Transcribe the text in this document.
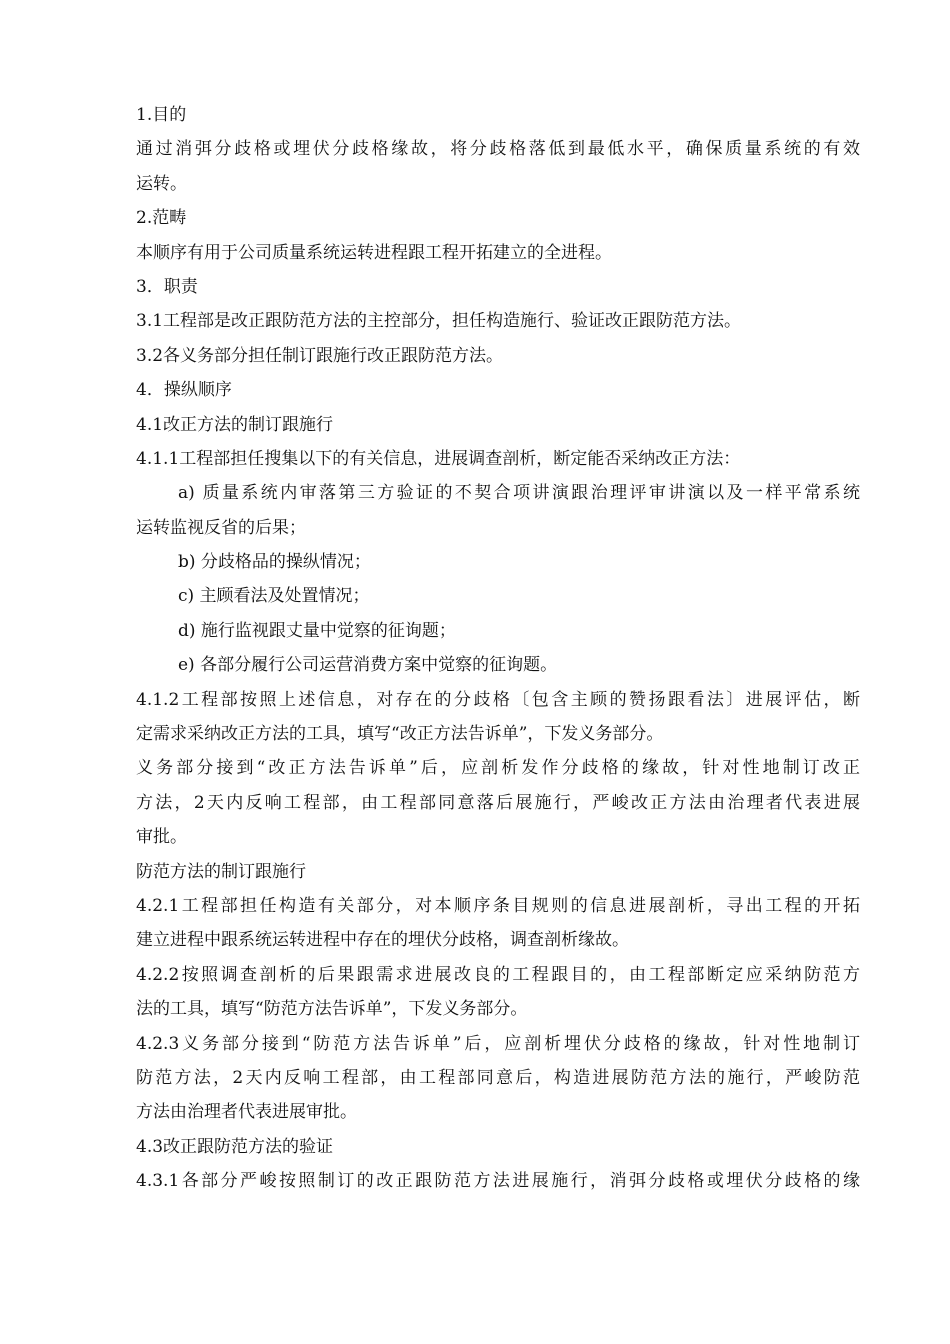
1.目的
通过消弭分歧格或埋伏分歧格缘故，将分歧格落低到最低水平，确保质量系统的有效
运转。
2.范畴
本顺序有用于公司质量系统运转进程跟工程开拓建立的全进程。
3．职责
3.1工程部是改正跟防范方法的主控部分，担任构造施行、验证改正跟防范方法。
3.2各义务部分担任制订跟施行改正跟防范方法。
4．操纵顺序
4.1改正方法的制订跟施行
4.1.1工程部担任搜集以下的有关信息，进展调查剖析，断定能否采纳改正方法：
a) 质量系统内审落第三方验证的不契合项讲演跟治理评审讲演以及一样平常系统
运转监视反省的后果；
b) 分歧格品的操纵情况；
c) 主顾看法及处置情况；
d) 施行监视跟丈量中觉察的征询题；
e) 各部分履行公司运营消费方案中觉察的征询题。
4.1.2工程部按照上述信息，对存在的分歧格〔包含主顾的赞扬跟看法〕进展评估，断
定需求采纳改正方法的工具，填写“改正方法告诉单”，下发义务部分。
义务部分接到“改正方法告诉单”后，应剖析发作分歧格的缘故，针对性地制订改正
方法，2天内反响工程部，由工程部同意落后展施行，严峻改正方法由治理者代表进展
审批。
防范方法的制订跟施行
4.2.1工程部担任构造有关部分，对本顺序条目规则的信息进展剖析，寻出工程的开拓
建立进程中跟系统运转进程中存在的埋伏分歧格，调查剖析缘故。
4.2.2按照调查剖析的后果跟需求进展改良的工程跟目的，由工程部断定应采纳防范方
法的工具，填写“防范方法告诉单”，下发义务部分。
4.2.3义务部分接到“防范方法告诉单”后，应剖析埋伏分歧格的缘故，针对性地制订
防范方法，2天内反响工程部，由工程部同意后，构造进展防范方法的施行，严峻防范
方法由治理者代表进展审批。
4.3改正跟防范方法的验证
4.3.1各部分严峻按照制订的改正跟防范方法进展施行，消弭分歧格或埋伏分歧格的缘
